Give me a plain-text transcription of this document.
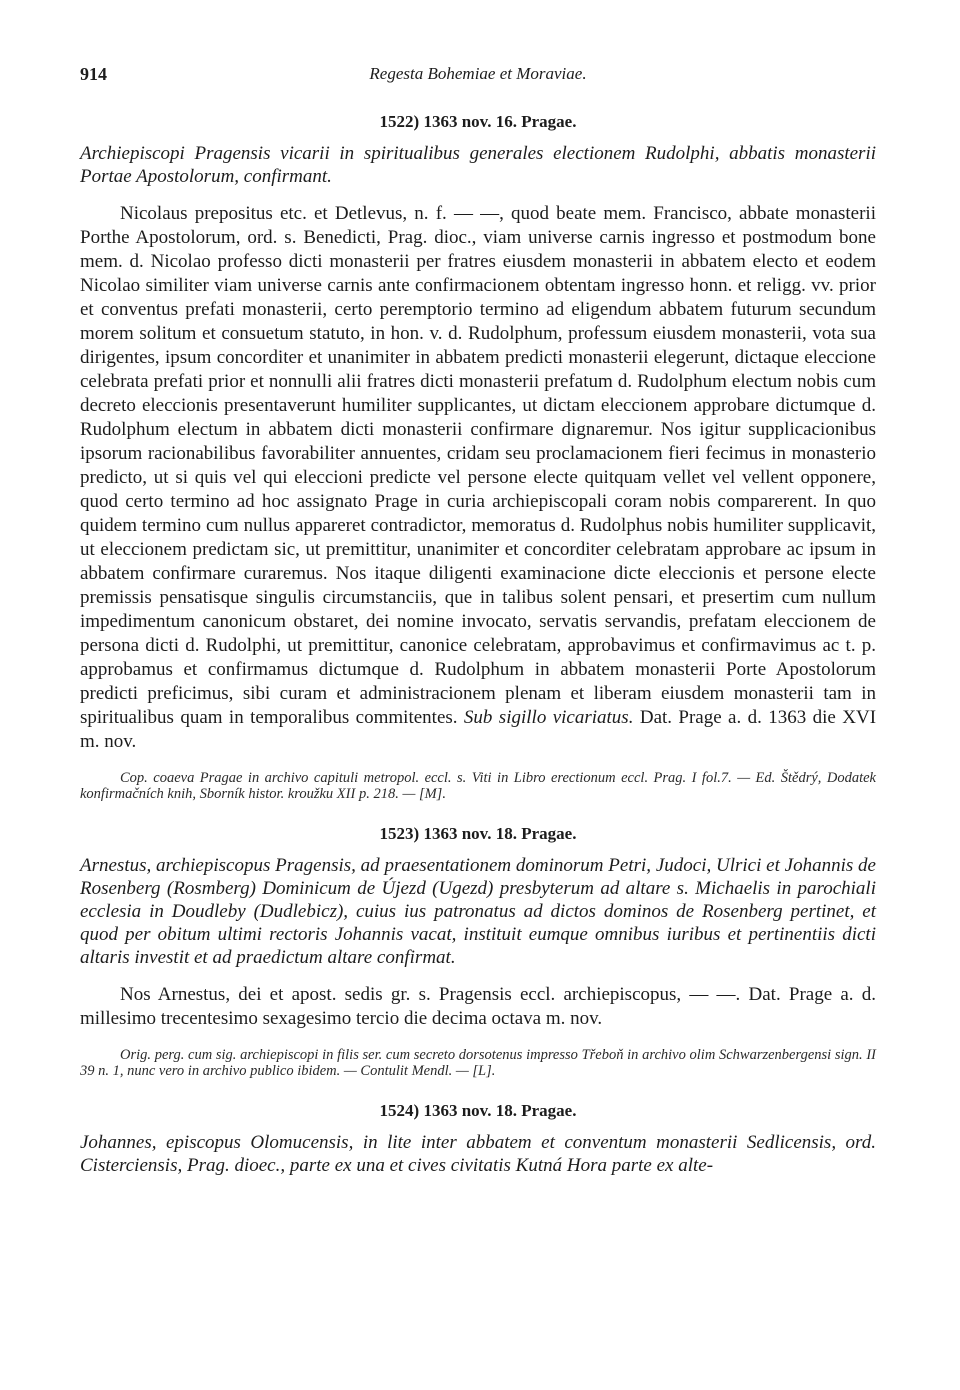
914	Regesta Bohemiae et Moraviae.
1522) 1363 nov. 16. Pragae.

Archiepiscopi Pragensis vicarii in spiritualibus generales electionem Rudolphi, abbatis monasterii Portae Apostolorum, confirmant.

Nicolaus prepositus etc. et Detlevus, n. f. — —, quod beate mem. Francisco, abbate monasterii Porthe Apostolorum, ord. s. Benedicti, Prag. dioc., viam universe carnis ingresso et postmodum bone mem. d. Nicolao professo dicti monasterii per fratres eiusdem monasterii in abbatem electo et eodem Nicolao similiter viam universe carnis ante confirmacionem obtentam ingresso honn. et religg. vv. prior et conventus prefati monasterii, certo peremptorio termino ad eligendum abbatem futurum secundum morem solitum et consuetum statuto, in hon. v. d. Rudolphum, professum eiusdem monasterii, vota sua dirigentes, ipsum concorditer et unanimiter in abbatem predicti monasterii elegerunt, dictaque eleccione celebrata prefati prior et nonnulli alii fratres dicti monasterii prefatum d. Rudolphum electum nobis cum decreto eleccionis presentaverunt humiliter supplicantes, ut dictam eleccionem approbare dictumque d. Rudolphum electum in abbatem dicti monasterii confirmare dignaremur. Nos igitur supplicacionibus ipsorum racionabilibus favorabiliter annuentes, cridam seu proclamacionem fieri fecimus in monasterio predicto, ut si quis vel qui eleccioni predicte vel persone electe quitquam vellet vel vellent opponere, quod certo termino ad hoc assignato Prage in curia archiepiscopali coram nobis comparerent. In quo quidem termino cum nullus appareret contradictor, memoratus d. Rudolphus nobis humiliter supplicavit, ut eleccionem predictam sic, ut premittitur, unanimiter et concorditer celebratam approbare ac ipsum in abbatem confirmare curaremus. Nos itaque diligenti examinacione dicte eleccionis et persone electe premissis pensatisque singulis circumstanciis, que in talibus solent pensari, et presertim cum nullum impedimentum canonicum obstaret, dei nomine invocato, servatis servandis, prefatam eleccionem de persona dicti d. Rudolphi, ut premittitur, canonice celebratam, approbavimus et confirmavimus ac t. p. approbamus et confirmamus dictumque d. Rudolphum in abbatem monasterii Porte Apostolorum predicti preficimus, sibi curam et administracionem plenam et liberam eiusdem monasterii tam in spiritualibus quam in temporalibus commitentes. Sub sigillo vicariatus. Dat. Prage a. d. 1363 die XVI m. nov.

Cop. coaeva Pragae in archivo capituli metropol. eccl. s. Viti in Libro erectionum eccl. Prag. I fol.7. — Ed. Štědrý, Dodatek konfirmačních knih, Sborník histor. kroužku XII p. 218. — [M].

1523) 1363 nov. 18. Pragae.

Arnestus, archiepiscopus Pragensis, ad praesentationem dominorum Petri, Judoci, Ulrici et Johannis de Rosenberg (Rosmberg) Dominicum de Újezd (Ugezd) presbyterum ad altare s. Michaelis in parochiali ecclesia in Doudleby (Dudlebicz), cuius ius patronatus ad dictos dominos de Rosenberg pertinet, et quod per obitum ultimi rectoris Johannis vacat, instituit eumque omnibus iuribus et pertinentiis dicti altaris investit et ad praedictum altare confirmat.

Nos Arnestus, dei et apost. sedis gr. s. Pragensis eccl. archiepiscopus, — —. Dat. Prage a. d. millesimo trecentesimo sexagesimo tercio die decima octava m. nov.

Orig. perg. cum sig. archiepiscopi in filis ser. cum secreto dorsotenus impresso Třeboň in archivo olim Schwarzenbergensi sign. II 39 n. 1, nunc vero in archivo publico ibidem. — Contulit Mendl. — [L].

1524) 1363 nov. 18. Pragae.

Johannes, episcopus Olomucensis, in lite inter abbatem et conventum monasterii Sedlicensis, ord. Cisterciensis, Prag. dioec., parte ex una et cives civitatis Kutná Hora parte ex alte-
